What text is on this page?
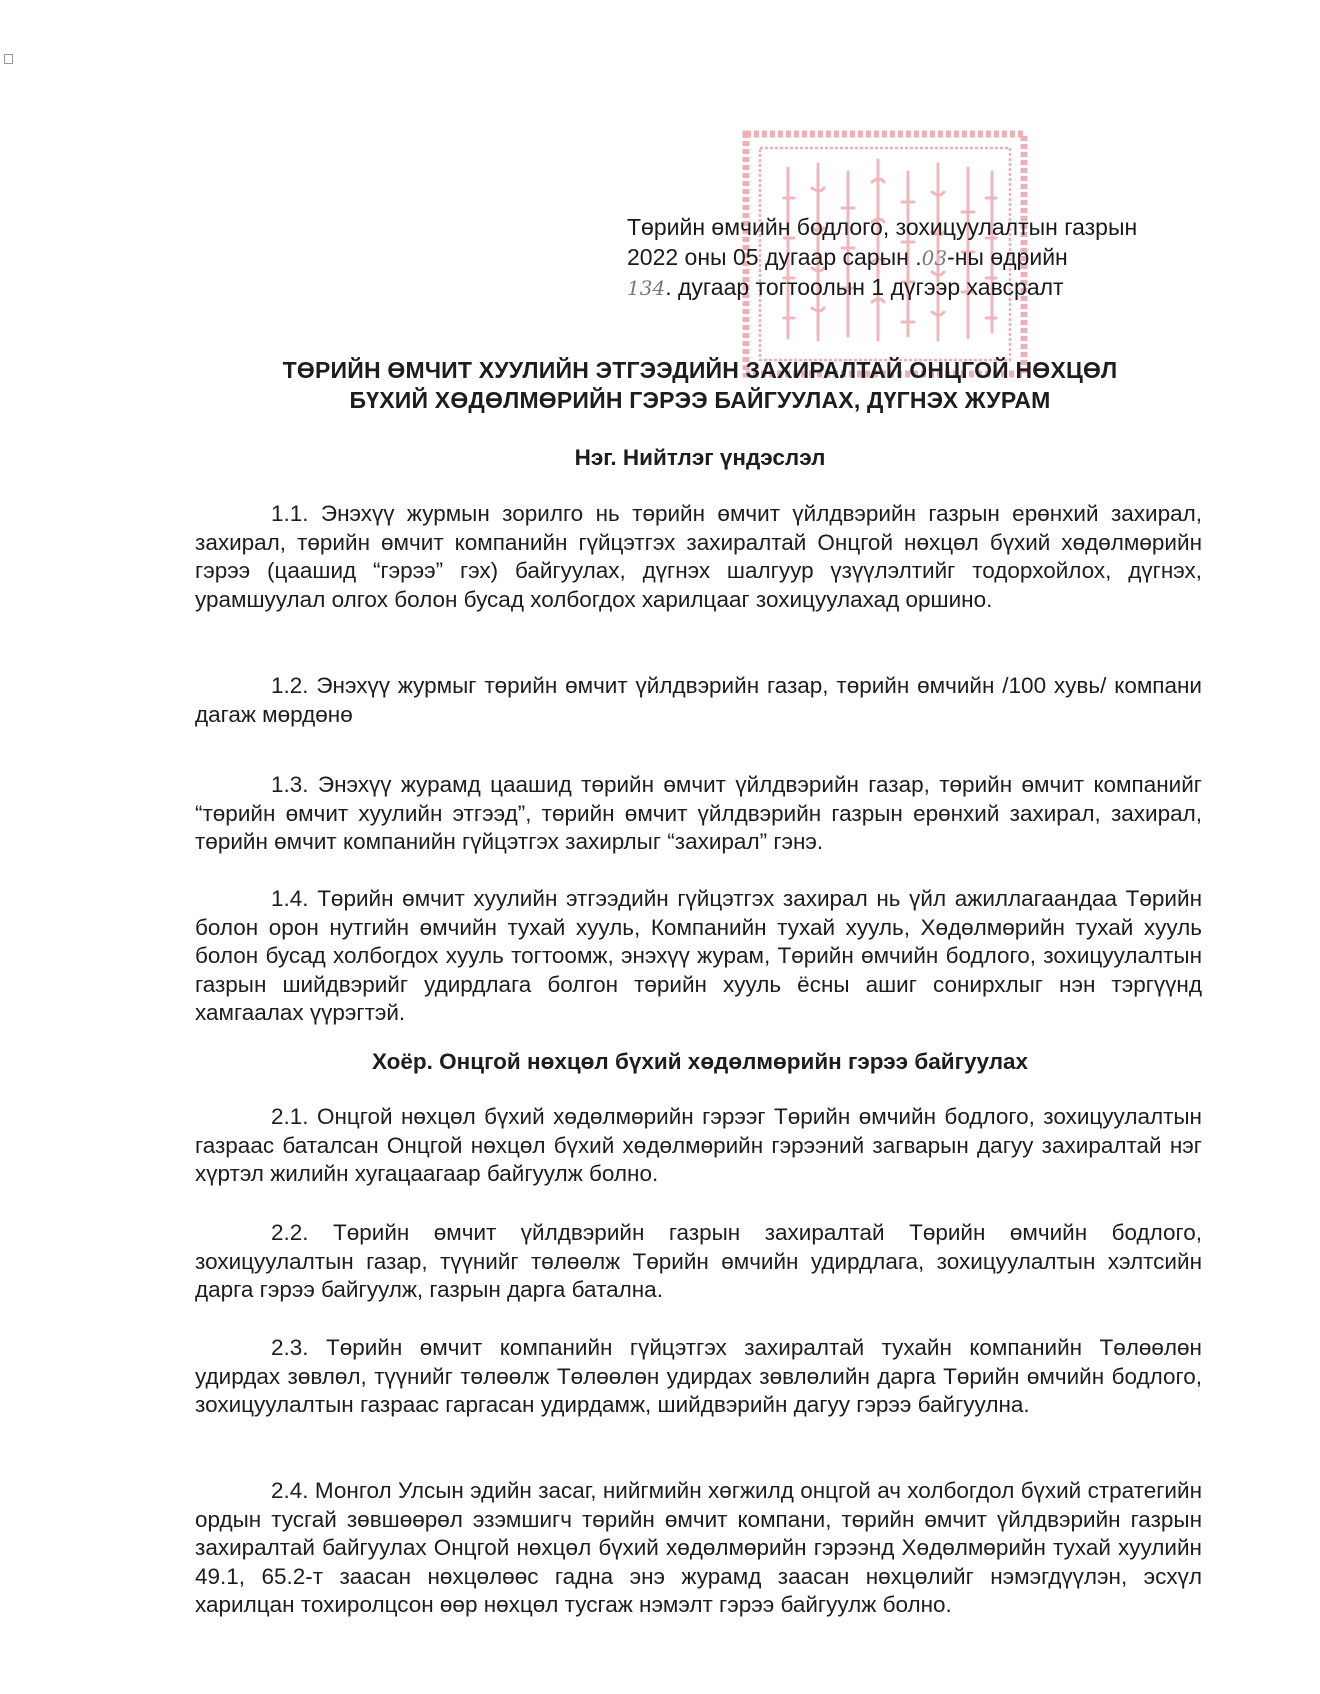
Төрийн өмчийн бодлого, зохицуулалтын газрын
2022 оны 05 дугаар сарын .03-ны өдрийн
134. дугаар тогтоолын 1 дүгээр хавсралт
ТӨРИЙН ӨМЧИТ ХУУЛИЙН ЭТГЭЭДИЙН ЗАХИРАЛТАЙ ОНЦГОЙ НӨХЦӨЛ
БҮХИЙ ХӨДӨЛМӨРИЙН ГЭРЭЭ БАЙГУУЛАХ, ДҮГНЭХ ЖУРАМ
Нэг. Нийтлэг үндэслэл

1.1. Энэхүү журмын зорилго нь төрийн өмчит үйлдвэрийн газрын ерөнхий захирал, захирал, төрийн өмчит компанийн гүйцэтгэх захиралтай Онцгой нөхцөл бүхий хөдөлмөрийн гэрээ (цаашид “гэрээ” гэх) байгуулах, дүгнэх шалгуур үзүүлэлтийг тодорхойлох, дүгнэх, урамшуулал олгох болон бусад холбогдох харилцааг зохицуулахад оршино.

1.2. Энэхүү журмыг төрийн өмчит үйлдвэрийн газар, төрийн өмчийн /100 хувь/ компани дагаж мөрдөнө

1.3. Энэхүү журамд цаашид төрийн өмчит үйлдвэрийн газар, төрийн өмчит компанийг “төрийн өмчит хуулийн этгээд”, төрийн өмчит үйлдвэрийн газрын ерөнхий захирал, захирал, төрийн өмчит компанийн гүйцэтгэх захирлыг “захирал” гэнэ.

1.4. Төрийн өмчит хуулийн этгээдийн гүйцэтгэх захирал нь үйл ажиллагаандаа Төрийн болон орон нутгийн өмчийн тухай хууль, Компанийн тухай хууль, Хөдөлмөрийн тухай хууль болон бусад холбогдох хууль тогтоомж, энэхүү журам, Төрийн өмчийн бодлого, зохицуулалтын газрын шийдвэрийг удирдлага болгон төрийн хууль ёсны ашиг сонирхлыг нэн тэргүүнд хамгаалах үүрэгтэй.

Хоёр. Онцгой нөхцөл бүхий хөдөлмөрийн гэрээ байгуулах

2.1. Онцгой нөхцөл бүхий хөдөлмөрийн гэрээг Төрийн өмчийн бодлого, зохицуулалтын газраас баталсан Онцгой нөхцөл бүхий хөдөлмөрийн гэрээний загварын дагуу захиралтай нэг хүртэл жилийн хугацаагаар байгуулж болно.

2.2. Төрийн өмчит үйлдвэрийн газрын захиралтай Төрийн өмчийн бодлого, зохицуулалтын газар, түүнийг төлөөлж Төрийн өмчийн удирдлага, зохицуулалтын хэлтсийн дарга гэрээ байгуулж, газрын дарга батална.

2.3. Төрийн өмчит компанийн гүйцэтгэх захиралтай тухайн компанийн Төлөөлөн удирдах зөвлөл, түүнийг төлөөлж Төлөөлөн удирдах зөвлөлийн дарга Төрийн өмчийн бодлого, зохицуулалтын газраас гаргасан удирдамж, шийдвэрийн дагуу гэрээ байгуулна.

2.4. Монгол Улсын эдийн засаг, нийгмийн хөгжилд онцгой ач холбогдол бүхий стратегийн ордын тусгай зөвшөөрөл эзэмшигч төрийн өмчит компани, төрийн өмчит үйлдвэрийн газрын захиралтай байгуулах Онцгой нөхцөл бүхий хөдөлмөрийн гэрээнд Хөдөлмөрийн тухай хуулийн 49.1, 65.2-т заасан нөхцөлөөс гадна энэ журамд заасан нөхцөлийг нэмэгдүүлэн, эсхүл харилцан тохиролцсон өөр нөхцөл тусгаж нэмэлт гэрээ байгуулж болно.
